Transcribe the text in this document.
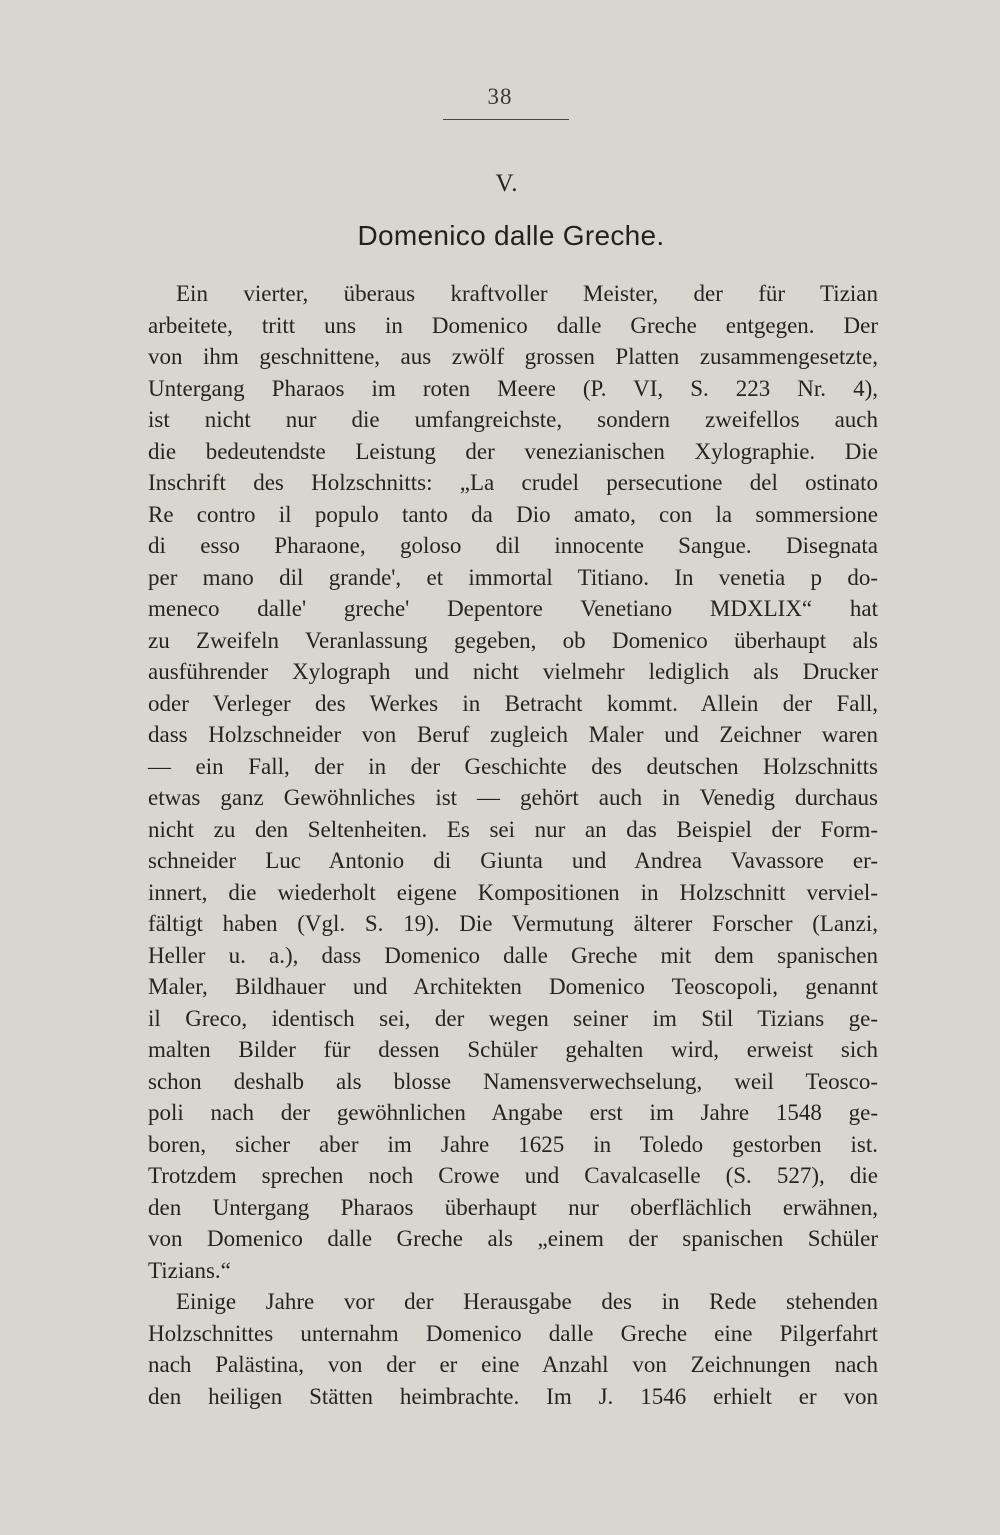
38
V.
Domenico dalle Greche.
Ein vierter, überaus kraftvoller Meister, der für Tizian
arbeitete, tritt uns in Domenico dalle Greche entgegen. Der
von ihm geschnittene, aus zwölf grossen Platten zusammengesetzte,
Untergang Pharaos im roten Meere (P. VI, S. 223 Nr. 4),
ist nicht nur die umfangreichste, sondern zweifellos auch
die bedeutendste Leistung der venezianischen Xylographie. Die
Inschrift des Holzschnitts: „La crudel persecutione del ostinato
Re contro il populo tanto da Dio amato, con la sommersione
di esso Pharaone, goloso dil innocente Sangue. Disegnata
per mano dil grande', et immortal Titiano. In venetia p do-
meneco dalle' greche' Depentore Venetiano MDXLIX“ hat
zu Zweifeln Veranlassung gegeben, ob Domenico überhaupt als
ausführender Xylograph und nicht vielmehr lediglich als Drucker
oder Verleger des Werkes in Betracht kommt. Allein der Fall,
dass Holzschneider von Beruf zugleich Maler und Zeichner waren
— ein Fall, der in der Geschichte des deutschen Holzschnitts
etwas ganz Gewöhnliches ist — gehört auch in Venedig durchaus
nicht zu den Seltenheiten. Es sei nur an das Beispiel der Form-
schneider Luc Antonio di Giunta und Andrea Vavassore er-
innert, die wiederholt eigene Kompositionen in Holzschnitt verviel-
fältigt haben (Vgl. S. 19). Die Vermutung älterer Forscher (Lanzi,
Heller u. a.), dass Domenico dalle Greche mit dem spanischen
Maler, Bildhauer und Architekten Domenico Teoscopoli, genannt
il Greco, identisch sei, der wegen seiner im Stil Tizians ge-
malten Bilder für dessen Schüler gehalten wird, erweist sich
schon deshalb als blosse Namensverwechselung, weil Teosco-
poli nach der gewöhnlichen Angabe erst im Jahre 1548 ge-
boren, sicher aber im Jahre 1625 in Toledo gestorben ist.
Trotzdem sprechen noch Crowe und Cavalcaselle (S. 527), die
den Untergang Pharaos überhaupt nur oberflächlich erwähnen,
von Domenico dalle Greche als „einem der spanischen Schüler
Tizians.“
Einige Jahre vor der Herausgabe des in Rede stehenden
Holzschnittes unternahm Domenico dalle Greche eine Pilgerfahrt
nach Palästina, von der er eine Anzahl von Zeichnungen nach
den heiligen Stätten heimbrachte. Im J. 1546 erhielt er von
